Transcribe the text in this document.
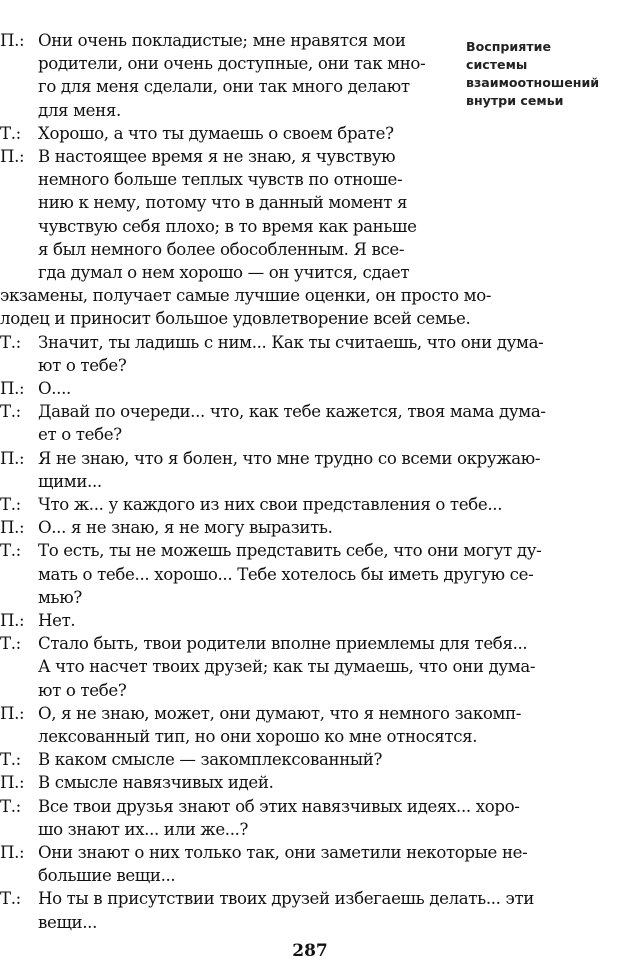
Восприятие
системы
взаимоотношений
внутри семьи
П.: Они очень покладистые; мне нравятся мои
родители, они очень доступные, они так мно-
го для меня сделали, они так много делают
для меня.
Т.:	Хорошо, а что ты думаешь о своем брате?
П.: В настоящее время я не знаю, я чувствую
немного больше теплых чувств по отноше-
нию к нему, потому что в данный момент я
чувствую себя плохо; в то время как раньше
я был немного более обособленным. Я все-
гда думал о нем хорошо — он учится, сдает
экзамены, получает самые лучшие оценки, он просто мо-
лодец и приносит большое удовлетворение всей семье.
Т.:	Значит, ты ладишь с ним... Как ты считаешь, что они дума-
ют о тебе?
П.: О....
Т.:	Давай по очереди... что, как тебе кажется, твоя мама дума-
ет о тебе?
П.: Я не знаю, что я болен, что мне трудно со всеми окружаю-
щими...
Т.:	Что ж... у каждого из них свои представления о тебе...
П.: О... я не знаю, я не могу выразить.
Т.:	То есть, ты не можешь представить себе, что они могут ду-
мать о тебе... хорошо... Тебе хотелось бы иметь другую се-
мью?
П.: Нет.
Т.:	Стало быть, твои родители вполне приемлемы для тебя...
А что насчет твоих друзей; как ты думаешь, что они дума-
ют о тебе?
П.: О, я не знаю, может, они думают, что я немного закомп-
лексованный тип, но они хорошо ко мне относятся.
Т.:	В каком смысле — закомплексованный?
П.: В смысле навязчивых идей.
Т.:	Все твои друзья знают об этих навязчивых идеях... хоро-
шо знают их... или же...?
П.: Они знают о них только так, они заметили некоторые не-
большие вещи...
Т.:	Но ты в присутствии твоих друзей избегаешь делать... эти
вещи...
287
